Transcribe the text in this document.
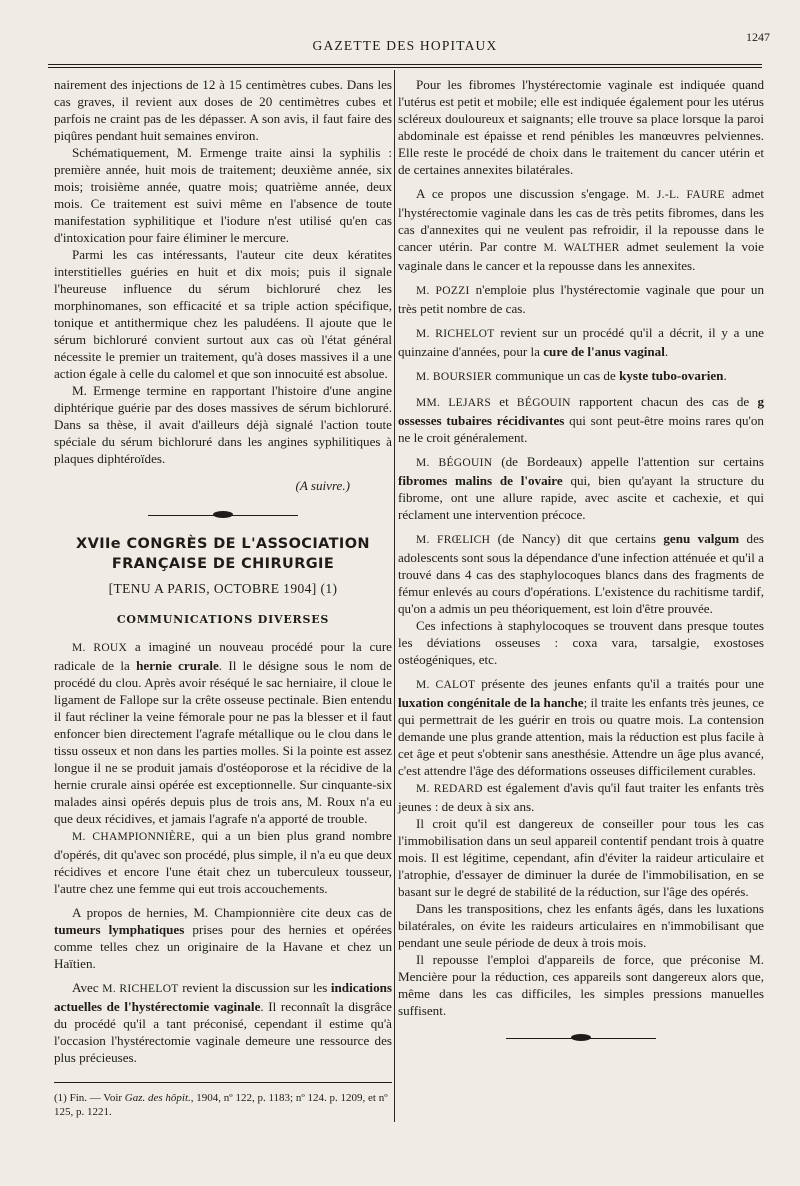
GAZETTE DES HOPITAUX
1247

nairement des injections de 12 à 15 centimètres cubes. Dans les cas graves, il revient aux doses de 20 centimètres cubes et parfois ne craint pas de les dépasser. A son avis, il faut faire des piqûres pendant huit semaines environ.

Schématiquement, M. Ermenge traite ainsi la syphilis : première année, huit mois de traitement; deuxième année, six mois; troisième année, quatre mois; quatrième année, deux mois. Ce traitement est suivi même en l'absence de toute manifestation syphilitique et l'iodure n'est utilisé qu'en cas d'intoxication pour faire éliminer le mercure.

Parmi les cas intéressants, l'auteur cite deux kératites interstitielles guéries en huit et dix mois; puis il signale l'heureuse influence du sérum bichloruré chez les morphinomanes, son efficacité et sa triple action spécifique, tonique et antithermique chez les paludéens. Il ajoute que le sérum bichloruré convient surtout aux cas où l'état général nécessite le premier un traitement, qu'à doses massives il a une action égale à celle du calomel et que son innocuité est absolue.

M. Ermenge termine en rapportant l'histoire d'une angine diphtérique guérie par des doses massives de sérum bichloruré. Dans sa thèse, il avait d'ailleurs déjà signalé l'action toute spéciale du sérum bichloruré dans les angines syphilitiques à plaques diphtéroïdes.

(A suivre.)

XVIIe CONGRÈS DE L'ASSOCIATION FRANÇAISE DE CHIRURGIE
[TENU A PARIS, OCTOBRE 1904] (1)
COMMUNICATIONS DIVERSES

M. ROUX a imaginé un nouveau procédé pour la cure radicale de la hernie crurale. Il le désigne sous le nom de procédé du clou. Après avoir réséqué le sac herniaire, il cloue le ligament de Fallope sur la crête osseuse pectinale. Bien entendu il faut récliner la veine fémorale pour ne pas la blesser et il faut enfoncer bien directement l'agrafe métallique ou le clou dans le tissu osseux et non dans les parties molles. Si la pointe est assez longue il ne se produit jamais d'ostéoporose et la récidive de la hernie crurale ainsi opérée est exceptionnelle. Sur cinquante-six malades ainsi opérés depuis plus de trois ans, M. Roux n'a eu que deux récidives, et jamais l'agrafe n'a apporté de trouble.

M. CHAMPIONNIÈRE, qui a un bien plus grand nombre d'opérés, dit qu'avec son procédé, plus simple, il n'a eu que deux récidives et encore l'une était chez un tuberculeux tousseur, l'autre chez une femme qui eut trois accouchements.

A propos de hernies, M. Championnière cite deux cas de tumeurs lymphatiques prises pour des hernies et opérées comme telles chez un originaire de la Havane et chez un Haïtien.

Avec M. RICHELOT revient la discussion sur les indications actuelles de l'hystérectomie vaginale. Il reconnaît la disgrâce du procédé qu'il a tant préconisé, cependant il estime qu'à l'occasion l'hystérectomie vaginale demeure une ressource des plus précieuses.

(1) Fin. — Voir Gaz. des hôpit., 1904, nº 122, p. 1183; nº 124. p. 1209, et nº 125, p. 1221.

Pour les fibromes l'hystérectomie vaginale est indiquée quand l'utérus est petit et mobile; elle est indiquée également pour les utérus scléreux douloureux et saignants; elle trouve sa place lorsque la paroi abdominale est épaisse et rend pénibles les manœuvres pelviennes. Elle reste le procédé de choix dans le traitement du cancer utérin et de certaines annexites bilatérales.

A ce propos une discussion s'engage. M. J.-L. FAURE admet l'hystérectomie vaginale dans les cas de très petits fibromes, dans les cas d'annexites qui ne veulent pas refroidir, il la repousse dans le cancer utérin. Par contre M. WALTHER admet seulement la voie vaginale dans le cancer et la repousse dans les annexites.

M. POZZI n'emploie plus l'hystérectomie vaginale que pour un très petit nombre de cas.

M. RICHELOT revient sur un procédé qu'il a décrit, il y a une quinzaine d'années, pour la cure de l'anus vaginal.

M. BOURSIER communique un cas de kyste tubo-ovarien.

MM. LEJARS et BÉGOUIN rapportent chacun des cas de g ossesses tubaires récidivantes qui sont peut-être moins rares qu'on ne le croit généralement.

M. BÉGOUIN (de Bordeaux) appelle l'attention sur certains fibromes malins de l'ovaire qui, bien qu'ayant la structure du fibrome, ont une allure rapide, avec ascite et cachexie, et qui réclament une intervention précoce.

M. FRŒLICH (de Nancy) dit que certains genu valgum des adolescents sont sous la dépendance d'une infection atténuée et qu'il a trouvé dans 4 cas des staphylocoques blancs dans des fragments de fémur enlevés au cours d'opérations. L'existence du rachitisme tardif, qu'on a admis un peu théoriquement, est loin d'être prouvée.

Ces infections à staphylocoques se trouvent dans presque toutes les déviations osseuses : coxa vara, tarsalgie, exostoses ostéogéniques, etc.

M. CALOT présente des jeunes enfants qu'il a traités pour une luxation congénitale de la hanche; il traite les enfants très jeunes, ce qui permettrait de les guérir en trois ou quatre mois. La contension demande une plus grande attention, mais la réduction est plus facile à cet âge et peut s'obtenir sans anesthésie. Attendre un âge plus avancé, c'est attendre l'âge des déformations osseuses difficilement curables.

M. REDARD est également d'avis qu'il faut traiter les enfants très jeunes : de deux à six ans.

Il croit qu'il est dangereux de conseiller pour tous les cas l'immobilisation dans un seul appareil contentif pendant trois à quatre mois. Il est légitime, cependant, afin d'éviter la raideur articulaire et l'atrophie, d'essayer de diminuer la durée de l'immobilisation, en se basant sur le degré de stabilité de la réduction, sur l'âge des opérés.

Dans les transpositions, chez les enfants âgés, dans les luxations bilatérales, on évite les raideurs articulaires en n'immobilisant que pendant une seule période de deux à trois mois.

Il repousse l'emploi d'appareils de force, que préconise M. Mencière pour la réduction, ces appareils sont dangereux alors que, même dans les cas difficiles, les simples pressions manuelles suffisent.
